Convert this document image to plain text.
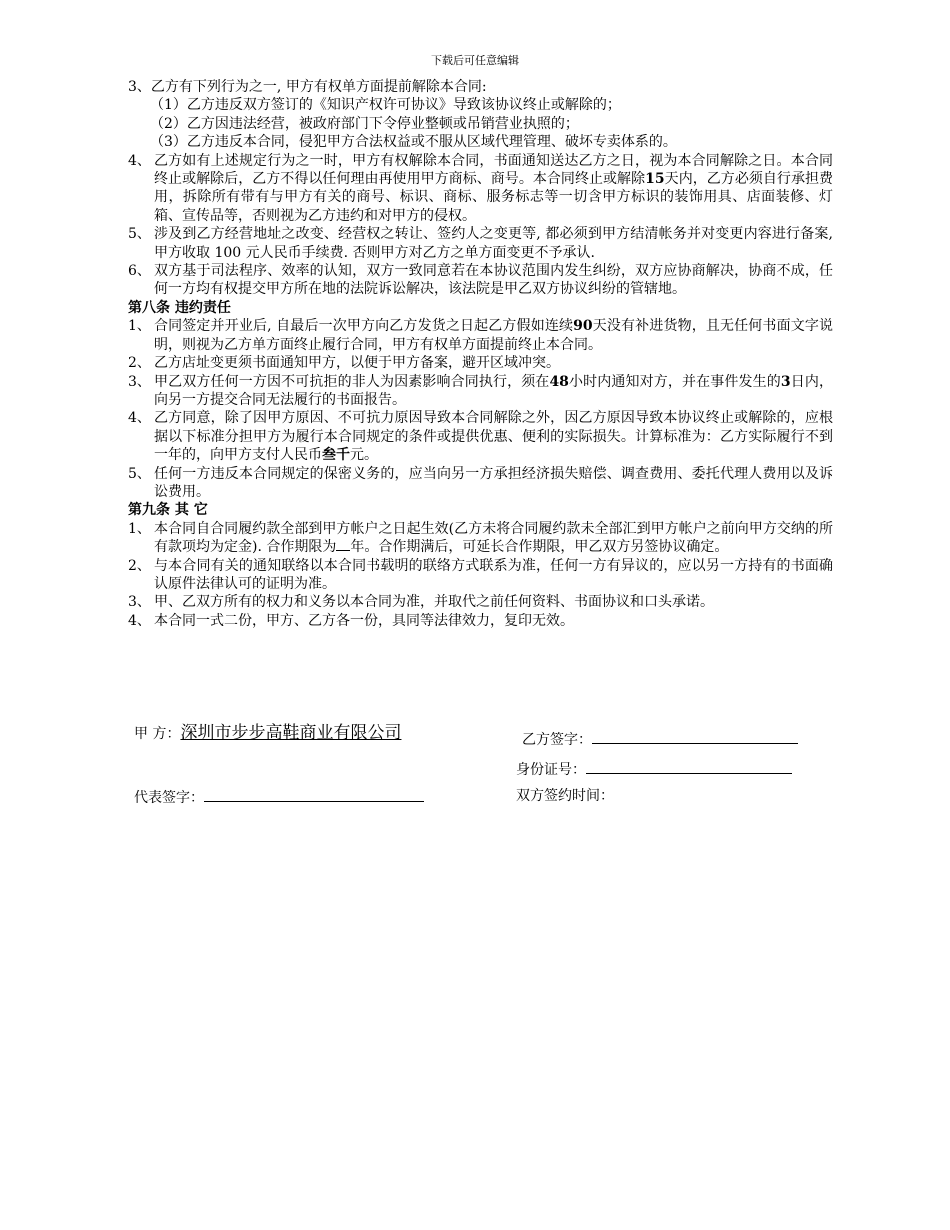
下载后可任意编辑
3、乙方有下列行为之一, 甲方有权单方面提前解除本合同:
（1）乙方违反双方签订的《知识产权许可协议》导致该协议终止或解除的；
（2）乙方因违法经营，被政府部门下令停业整顿或吊销营业执照的；
（3）乙方违反本合同，侵犯甲方合法权益或不服从区域代理管理、破坏专卖体系的。
4、 乙方如有上述规定行为之一时，甲方有权解除本合同，书面通知送达乙方之日，视为本合同解除之日。本合同终止或解除后，乙方不得以任何理由再使用甲方商标、商号。本合同终止或解除15天内，乙方必须自行承担费用，拆除所有带有与甲方有关的商号、标识、商标、服务标志等一切含甲方标识的装饰用具、店面装修、灯箱、宣传品等，否则视为乙方违约和对甲方的侵权。
5、 涉及到乙方经营地址之改变、经营权之转让、签约人之变更等, 都必须到甲方结清帐务并对变更内容进行备案, 甲方收取 100 元人民币手续费. 否则甲方对乙方之单方面变更不予承认.
6、 双方基于司法程序、效率的认知，双方一致同意若在本协议范围内发生纠纷，双方应协商解决，协商不成，任何一方均有权提交甲方所在地的法院诉讼解决，该法院是甲乙双方协议纠纷的管辖地。
第八条 违约责任
1、 合同签定并开业后, 自最后一次甲方向乙方发货之日起乙方假如连续90天没有补进货物，且无任何书面文字说明，则视为乙方单方面终止履行合同，甲方有权单方面提前终止本合同。
2、 乙方店址变更须书面通知甲方，以便于甲方备案，避开区域冲突。
3、 甲乙双方任何一方因不可抗拒的非人为因素影响合同执行，须在48小时内通知对方，并在事件发生的3日内，向另一方提交合同无法履行的书面报告。
4、 乙方同意，除了因甲方原因、不可抗力原因导致本合同解除之外，因乙方原因导致本协议终止或解除的，应根据以下标准分担甲方为履行本合同规定的条件或提供优惠、便利的实际损失。计算标准为：乙方实际履行不到一年的，向甲方支付人民币叁千元。
5、 任何一方违反本合同规定的保密义务的，应当向另一方承担经济损失赔偿、调查费用、委托代理人费用以及诉讼费用。
第九条 其 它
1、 本合同自合同履约款全部到甲方帐户之日起生效(乙方未将合同履约款未全部汇到甲方帐户之前向甲方交纳的所有款项均为定金). 合作期限为 年。合作期满后，可延长合作期限，甲乙双方另签协议确定。
2、 与本合同有关的通知联络以本合同书载明的联络方式联系为准，任何一方有异议的，应以另一方持有的书面确认原件法律认可的证明为准。
3、 甲、乙双方所有的权力和义务以本合同为准，并取代之前任何资料、书面协议和口头承诺。
4、 本合同一式二份，甲方、乙方各一份，具同等法律效力，复印无效。
甲 方：深圳市步步高鞋商业有限公司	乙方签字：
身份证号：
代表签字：	双方签约时间：
